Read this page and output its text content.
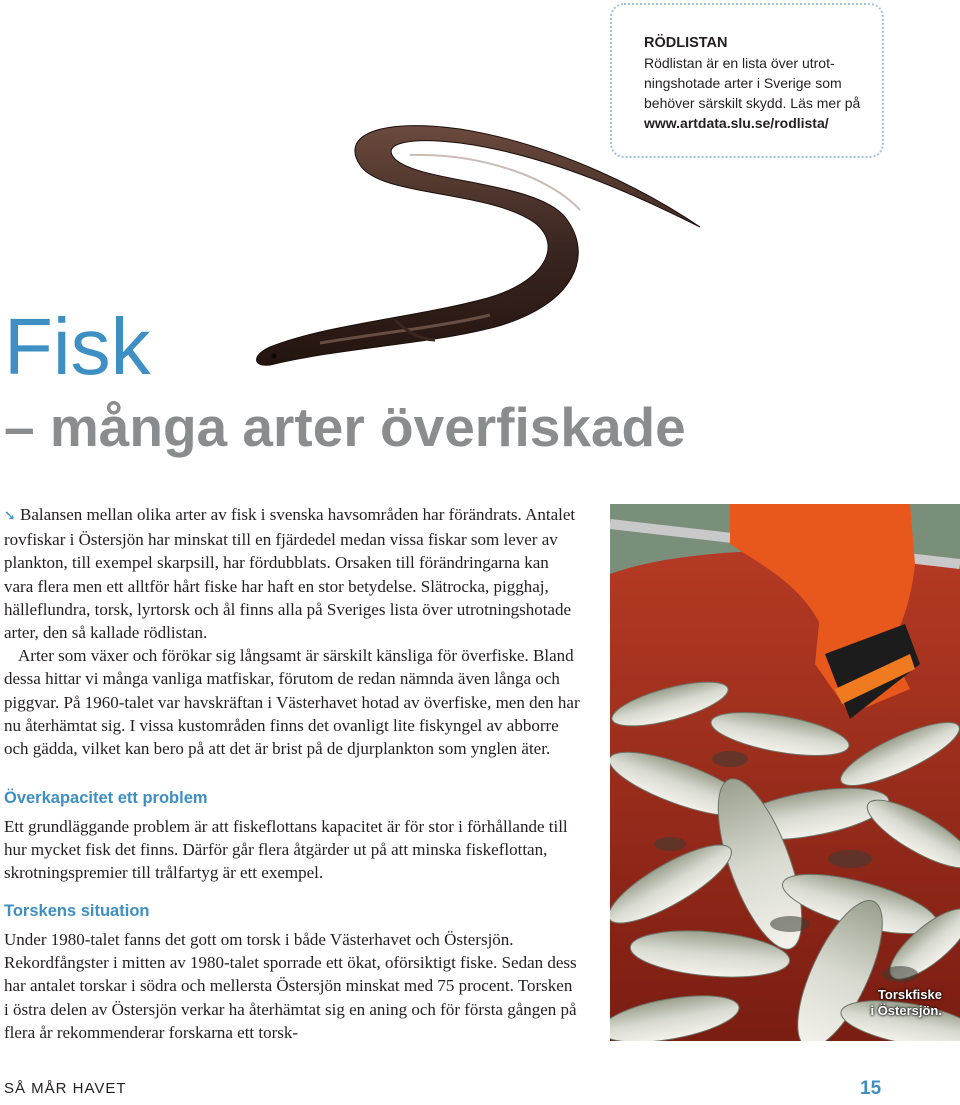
RÖDLISTAN
Rödlistan är en lista över utrotningshotade arter i Sverige som behöver särskilt skydd. Läs mer på www.artdata.slu.se/rodlista/
Fisk
– många arter överfiskade

➘ Balansen mellan olika arter av fisk i svenska havsområden har förändrats. Antalet rovfiskar i Östersjön har minskat till en fjärdedel medan vissa fiskar som lever av plankton, till exempel skarpsill, har fördubblats. Orsaken till förändringarna kan vara flera men ett alltför hårt fiske har haft en stor betydelse. Slätrocka, pigghaj, hälleflundra, torsk, lyrtorsk och ål finns alla på Sveriges lista över utrotningshotade arter, den så kallade rödlistan.

Arter som växer och förökar sig långsamt är särskilt känsliga för överfiske. Bland dessa hittar vi många vanliga matfiskar, förutom de redan nämnda även långa och piggvar. På 1960-talet var havskräftan i Västerhavet hotad av överfiske, men den har nu återhämtat sig. I vissa kustområden finns det ovanligt lite fiskyngel av abborre och gädda, vilket kan bero på att det är brist på de djurplankton som ynglen äter.

Överkapacitet ett problem

Ett grundläggande problem är att fiskeflottans kapacitet är för stor i förhållande till hur mycket fisk det finns. Därför går flera åtgärder ut på att minska fiskeflottan, skrotningspremier till trålfartyg är ett exempel.

Torskens situation

Under 1980-talet fanns det gott om torsk i både Västerhavet och Östersjön. Rekordfångster i mitten av 1980-talet sporrade ett ökat, oförsiktigt fiske. Sedan dess har antalet torskar i södra och mellersta Östersjön minskat med 75 procent. Torsken i östra delen av Östersjön verkar ha återhämtat sig en aning och för första gången på flera år rekommenderar forskarna ett torsk-

Torskfiske
i Östersjön.
SÅ MÅR HAVET	15
